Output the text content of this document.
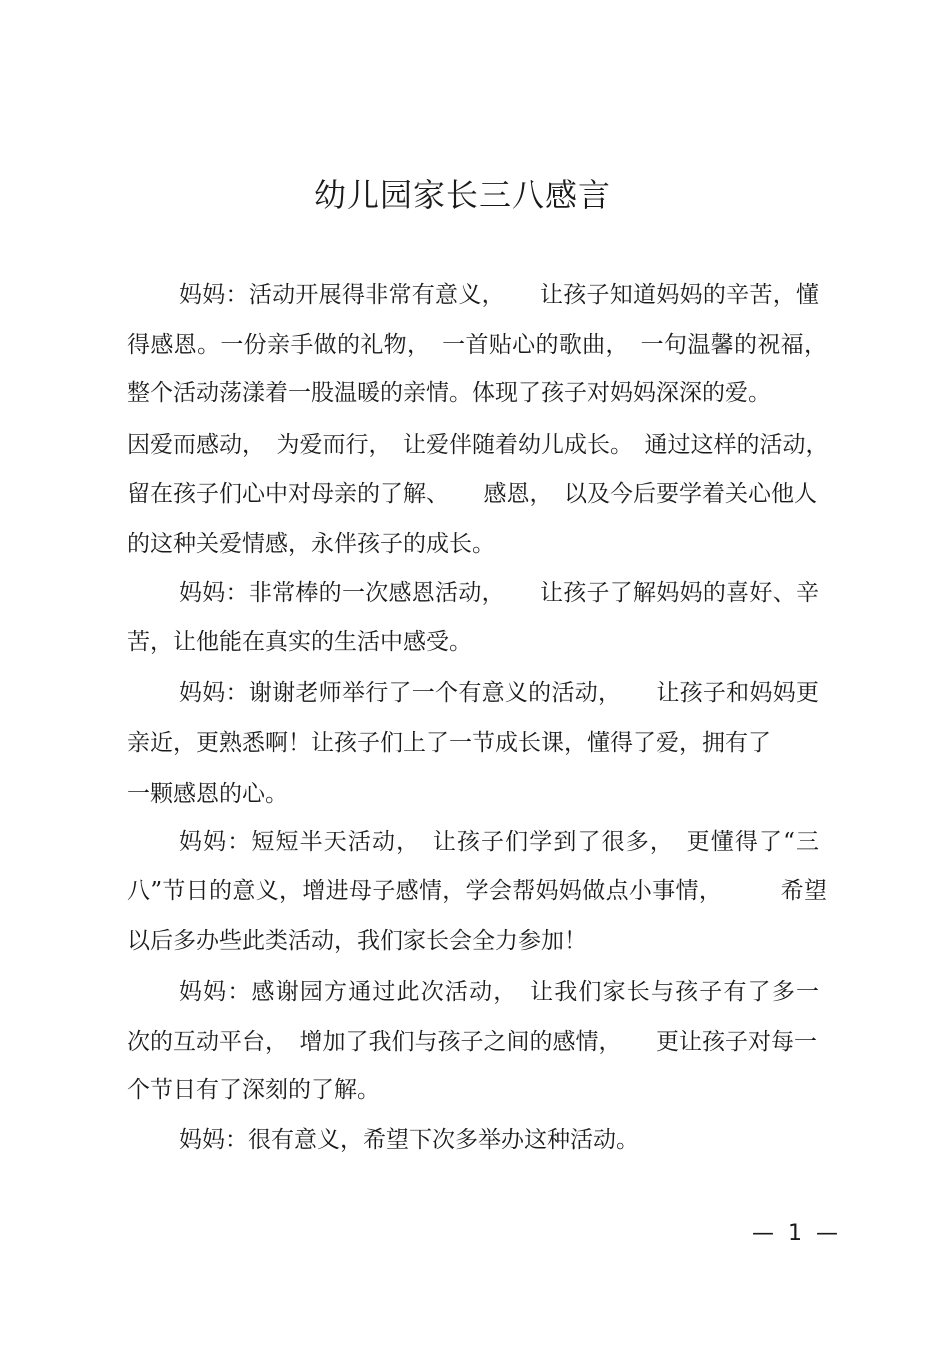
幼儿园家长三八感言
妈妈：活动开展得非常有意义，　　让孩子知道妈妈的辛苦，懂
得感恩。一份亲手做的礼物，　一首贴心的歌曲，　一句温馨的祝福，
整个活动荡漾着一股温暖的亲情。体现了孩子对妈妈深深的爱。
因爱而感动，　为爱而行，　让爱伴随着幼儿成长。　通过这样的活动，
留在孩子们心中对母亲的了解、　　感恩，　以及今后要学着关心他人
的这种关爱情感，永伴孩子的成长。
妈妈：非常棒的一次感恩活动，　　让孩子了解妈妈的喜好、辛
苦，让他能在真实的生活中感受。
妈妈：谢谢老师举行了一个有意义的活动，　　让孩子和妈妈更
亲近，更熟悉啊！让孩子们上了一节成长课，懂得了爱，拥有了
一颗感恩的心。
妈妈：短短半天活动，　让孩子们学到了很多，　更懂得了“三
八”节日的意义，增进母子感情，学会帮妈妈做点小事情，　　　希望
以后多办些此类活动，我们家长会全力参加！
妈妈：感谢园方通过此次活动，　让我们家长与孩子有了多一
次的互动平台，　增加了我们与孩子之间的感情，　　更让孩子对每一
个节日有了深刻的了解。
妈妈：很有意义，希望下次多举办这种活动。
—  1  —
